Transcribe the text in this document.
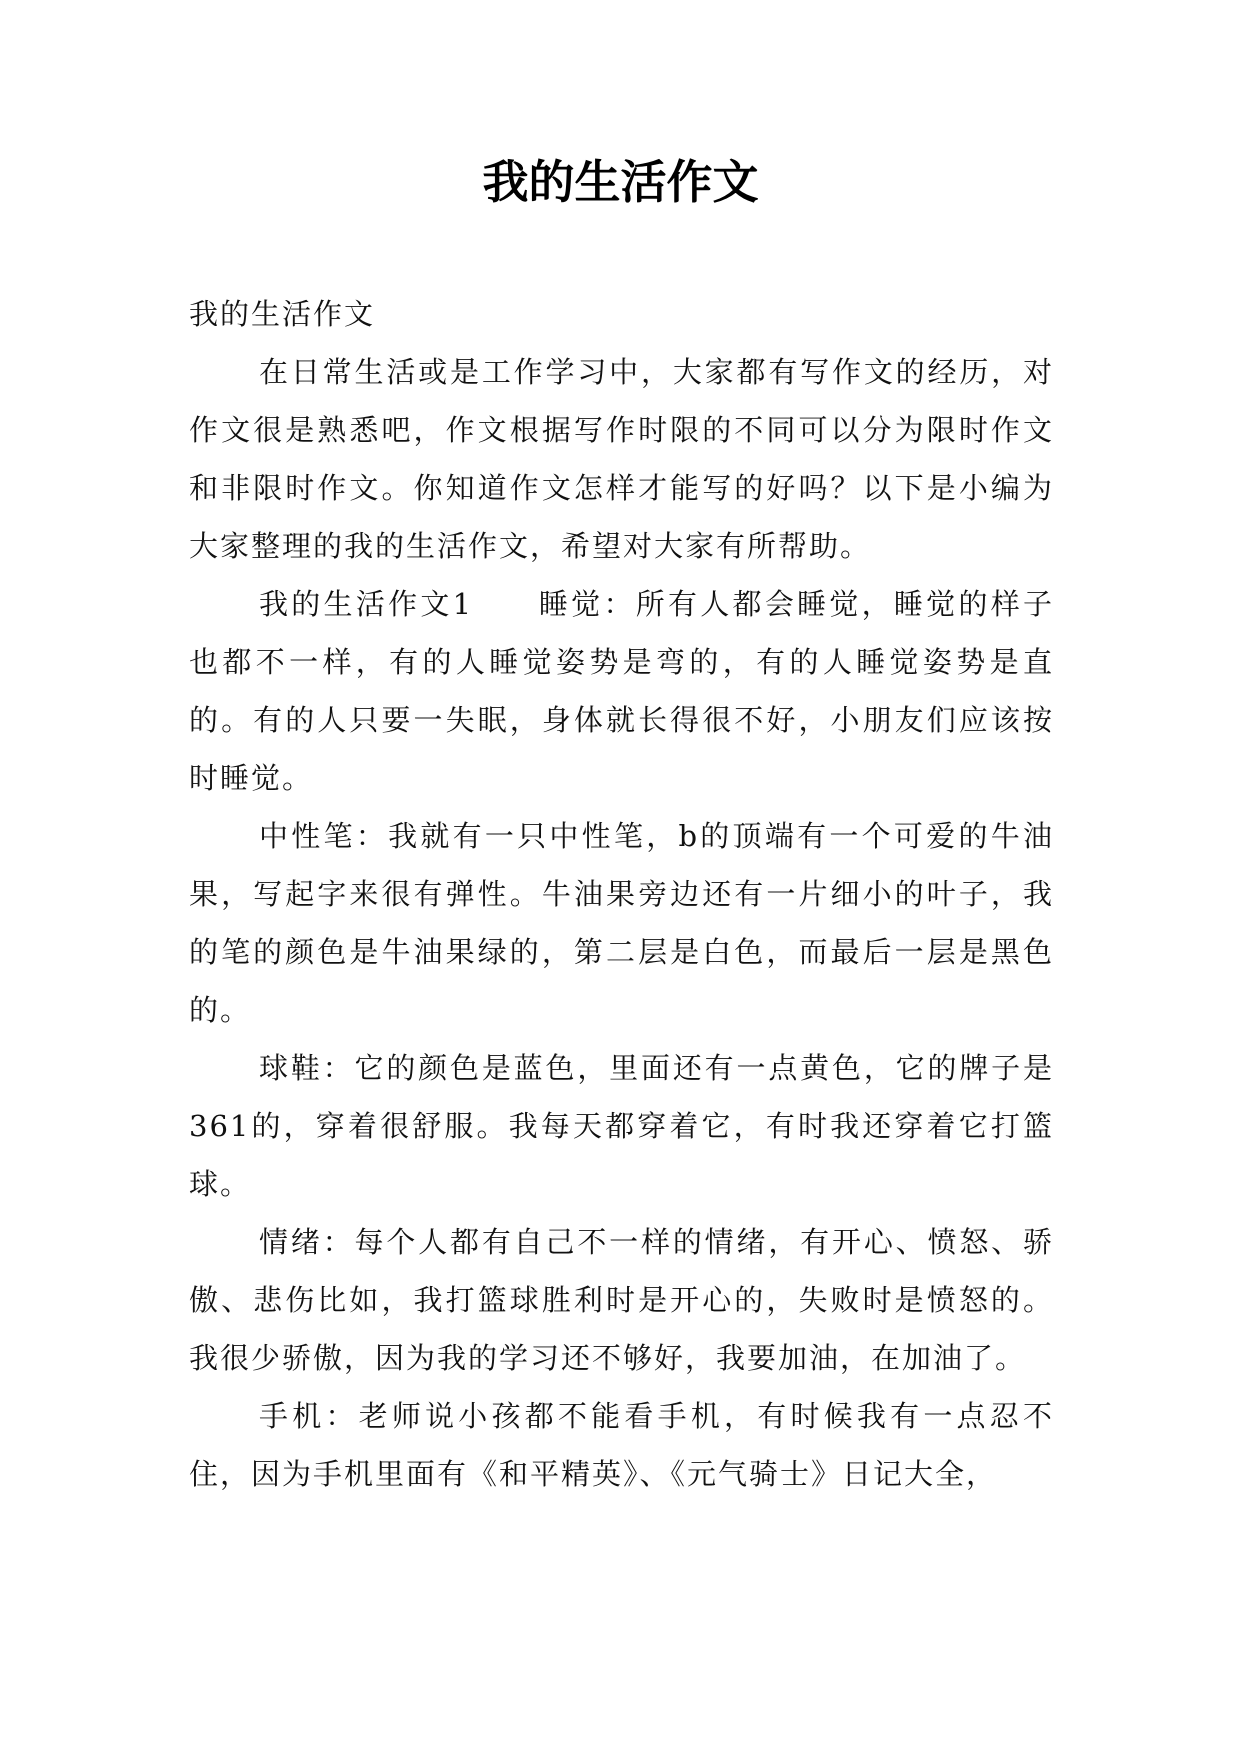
我的生活作文

我的生活作文

在日常生活或是工作学习中，大家都有写作文的经历，对作文很是熟悉吧，作文根据写作时限的不同可以分为限时作文和非限时作文。你知道作文怎样才能写的好吗？以下是小编为大家整理的我的生活作文，希望对大家有所帮助。

我的生活作文1　　睡觉：所有人都会睡觉，睡觉的样子也都不一样，有的人睡觉姿势是弯的，有的人睡觉姿势是直的。有的人只要一失眠，身体就长得很不好，小朋友们应该按时睡觉。

中性笔：我就有一只中性笔，b的顶端有一个可爱的牛油果，写起字来很有弹性。牛油果旁边还有一片细小的叶子，我的笔的颜色是牛油果绿的，第二层是白色，而最后一层是黑色的。

球鞋：它的颜色是蓝色，里面还有一点黄色，它的牌子是361的，穿着很舒服。我每天都穿着它，有时我还穿着它打篮球。

情绪：每个人都有自己不一样的情绪，有开心、愤怒、骄傲、悲伤比如，我打篮球胜利时是开心的，失败时是愤怒的。我很少骄傲，因为我的学习还不够好，我要加油，在加油了。

手机：老师说小孩都不能看手机，有时候我有一点忍不住，因为手机里面有《和平精英》、《元气骑士》日记大全，
